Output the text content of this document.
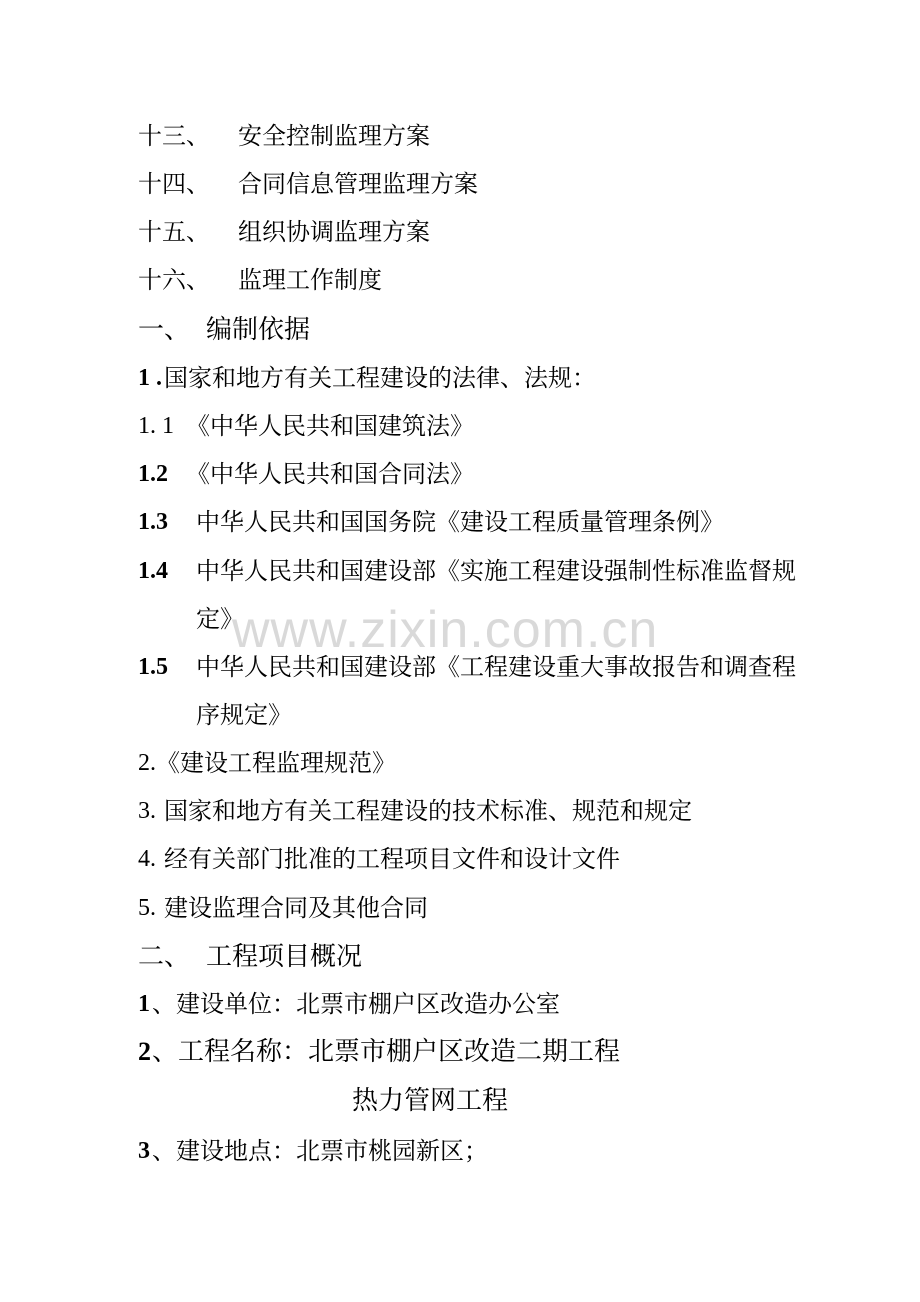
十三、 安全控制监理方案
十四、 合同信息管理监理方案
十五、 组织协调监理方案
十六、 监理工作制度
一、 编制依据
1 . 国家和地方有关工程建设的法律、法规：
1. 1 《中华人民共和国建筑法》
1.2 《中华人民共和国合同法》
1.3 中华人民共和国国务院《建设工程质量管理条例》
1.4 中华人民共和国建设部《实施工程建设强制性标准监督规
定》
1.5 中华人民共和国建设部《工程建设重大事故报告和调查程
序规定》
2. 《建设工程监理规范》
3. 国家和地方有关工程建设的技术标准、规范和规定
4. 经有关部门批准的工程项目文件和设计文件
5. 建设监理合同及其他合同
二、 工程项目概况
1 、建设单位：北票市棚户区改造办公室
2 、工程名称：北票市棚户区改造二期工程
热力管网工程
3 、建设地点：北票市桃园新区；
www.zixin.com.cn
